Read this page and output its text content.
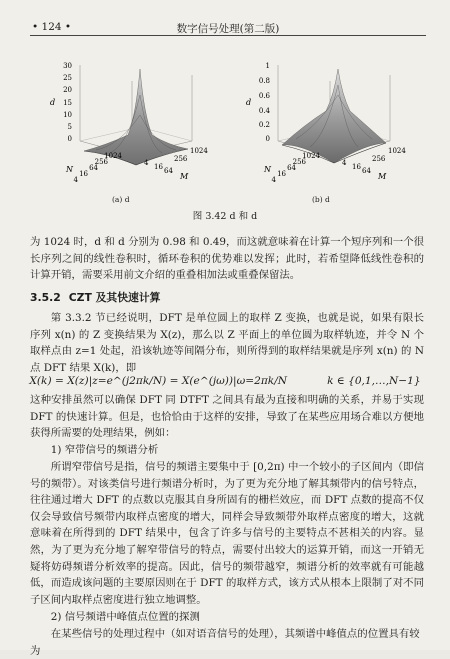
• 124 •	数字信号处理(第二版)
30
25
20
15
10
5
0
d
1024
256
64
16
4
N
4 16 64
256
1024
M
1
0.8
0.6
0.4
0.2
0
d
1024
256
64
16
4
N
4 16 64
256
1024
M
(a) d	(b) d
图 3.42 d 和 d
为 1024 时，d 和 d 分别为 0.98 和 0.49，而这就意味着在计算一个短序列和一个很长序列之间的线性卷积时，循环卷积的优势难以发挥；此时，若希望降低线性卷积的计算开销，需要采用前文介绍的重叠相加法或重叠保留法。
3.5.2 CZT 及其快速计算
第 3.3.2 节已经说明，DFT 是单位圆上的取样 Z 变换，也就是说，如果有限长序列 x(n) 的 Z 变换结果为 X(z)，那么以 Z 平面上的单位圆为取样轨迹，并令 N 个取样点由 z=1 处起，沿该轨迹等间隔分布，则所得到的取样结果就是序列 x(n) 的 N 点 DFT 结果 X(k)，即
X(k) = X(z)|z=e^(j2πk/N) = X(e^(jω))|ω=2πk/N	k ∈ {0,1,…,N−1}
这种安排虽然可以确保 DFT 同 DTFT 之间具有最为直接和明确的关系，并易于实现 DFT 的快速计算。但是，也恰恰由于这样的安排，导致了在某些应用场合难以方便地获得所需要的处理结果，例如：
1) 窄带信号的频谱分析
所谓窄带信号是指，信号的频谱主要集中于 [0,2π) 中一个较小的子区间内（即信号的频带）。对该类信号进行频谱分析时，为了更为充分地了解其频带内的信号特点，往往通过增大 DFT 的点数以克服其自身所固有的栅栏效应，而 DFT 点数的提高不仅仅会导致信号频带内取样点密度的增大，同样会导致频带外取样点密度的增大，这就意味着在所得到的 DFT 结果中，包含了许多与信号的主要特点不甚相关的内容。显然，为了更为充分地了解窄带信号的特点，需要付出较大的运算开销，而这一开销无疑将妨碍频谱分析效率的提高。因此，信号的频带越窄，频谱分析的效率就有可能越低，而造成该问题的主要原因则在于 DFT 的取样方式，该方式从根本上限制了对不同子区间内取样点密度进行独立地调整。
2) 信号频谱中峰值点位置的探测
在某些信号的处理过程中（如对语音信号的处理），其频谱中峰值点的位置具有较为
